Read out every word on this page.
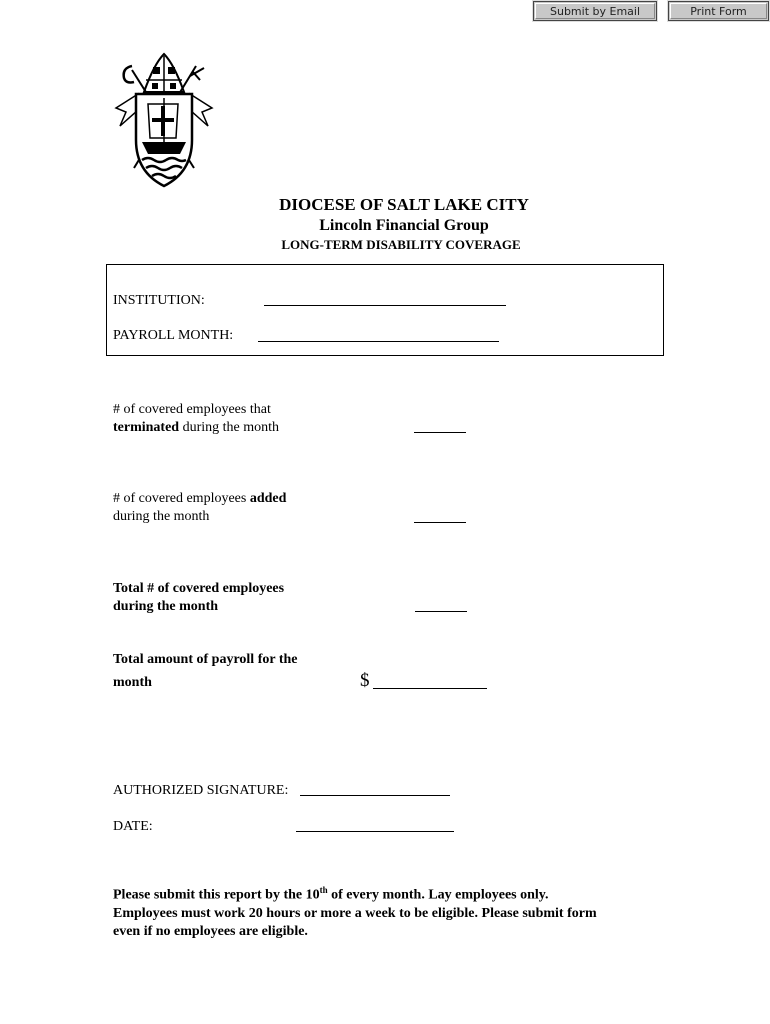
Submit by Email	Print Form
DIOCESE OF SALT LAKE CITY
Lincoln Financial Group
LONG-TERM DISABILITY COVERAGE
INSTITUTION:
PAYROLL MONTH:
# of covered employees that
terminated during the month
# of covered employees added
during the month
Total # of covered employees
during the month
Total amount of payroll for the
month	$
AUTHORIZED SIGNATURE:
DATE:
Please submit this report by the 10th of every month. Lay employees only.
Employees must work 20 hours or more a week to be eligible. Please submit form
even if no employees are eligible.
